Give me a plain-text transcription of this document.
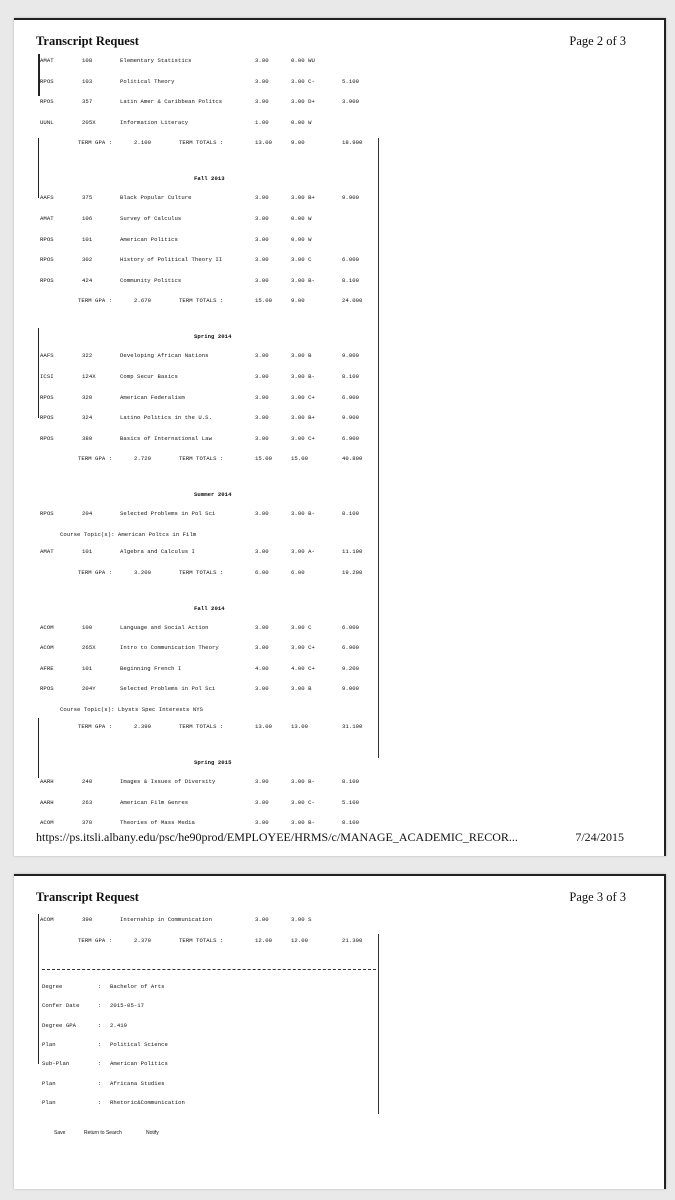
Transcript Request	Page 2 of 3
AMAT	108	Elementary Statistics	3.00	0.00 WU
RPOS	103	Political Theory	3.00	3.00 C-	5.100
RPOS	357	Latin Amer & Caribbean Politcs	3.00	3.00 D+	3.900
UUNL	205X	Information Literacy	1.00	0.00 W
TERM GPA :	2.100	TERM TOTALS :	13.00	9.00	18.900
Fall 2013
AAFS	375	Black Popular Culture	3.00	3.00 B+	9.900
AMAT	106	Survey of Calculus	3.00	0.00 W
RPOS	101	American Politics	3.00	0.00 W
RPOS	302	History of Political Theory II	3.00	3.00 C	6.000
RPOS	424	Community Politics	3.00	3.00 B-	8.100
TERM GPA :	2.670	TERM TOTALS :	15.00	9.00	24.000
Spring 2014
AAFS	322	Developing African Nations	3.00	3.00 B	9.000
ICSI	124X	Comp Secur Basics	3.00	3.00 B-	8.100
RPOS	320	American Federalism	3.00	3.00 C+	6.900
RPOS	324	Latino Politics in the U.S.	3.00	3.00 B+	9.900
RPOS	380	Basics of International Law	3.00	3.00 C+	6.900
TERM GPA :	2.720	TERM TOTALS :	15.00	15.00	40.800
Summer 2014
RPOS	204	Selected Problems in Pol Sci	3.00	3.00 B-	8.100
Course Topic(s): American Poltcs in Film
AMAT	101	Algebra and Calculus I	3.00	3.00 A-	11.100
TERM GPA :	3.200	TERM TOTALS :	6.00	6.00	19.200
Fall 2014
ACOM	100	Language and Social Action	3.00	3.00 C	6.000
ACOM	265X	Intro to Communication Theory	3.00	3.00 C+	6.900
AFRE	101	Beginning French I	4.00	4.00 C+	9.200
RPOS	204Y	Selected Problems in Pol Sci	3.00	3.00 B	9.000
Course Topic(s): Lbysts Spec Interests NYS
TERM GPA :	2.390	TERM TOTALS :	13.00	13.00	31.100
Spring 2015
AARH	240	Images & Issues of Diversity	3.00	3.00 B-	8.100
AARH	263	American Film Genres	3.00	3.00 C-	5.100
ACOM	370	Theories of Mass Media	3.00	3.00 B-	8.100
https://ps.itsli.albany.edu/psc/he90prod/EMPLOYEE/HRMS/c/MANAGE_ACADEMIC_RECOR...	7/24/2015
Transcript Request	Page 3 of 3
ACOM	390	Internship in Communication	3.00	3.00 S
TERM GPA :	2.370	TERM TOTALS :	12.00	12.00	21.300
Degree	: Bachelor of Arts
Confer Date	: 2015-05-17
Degree GPA	: 2.410
Plan	: Political Science
Sub-Plan	: American Politics
Plan	: Africana Studies
Plan	: Rhetoric&Communication
Save	Return to Search	Notify
